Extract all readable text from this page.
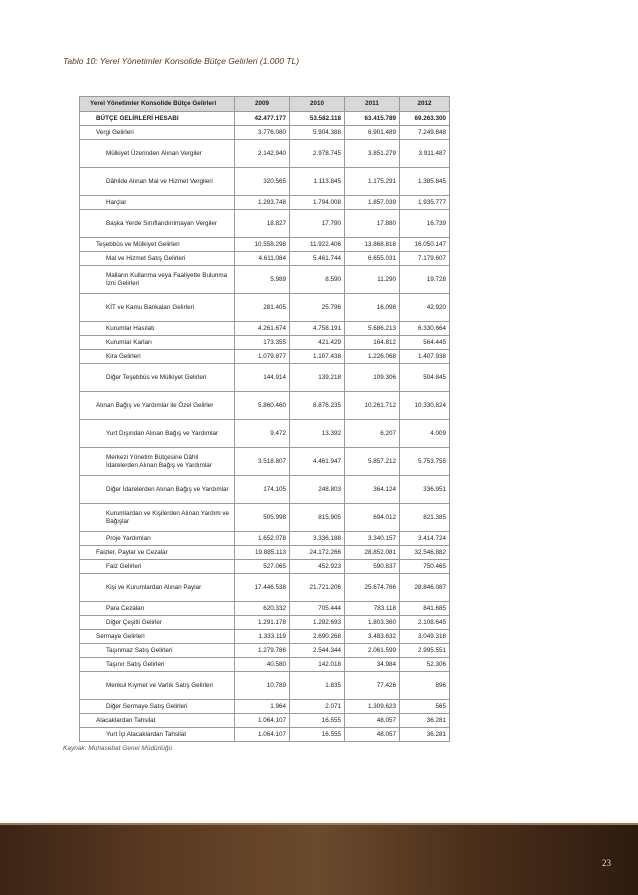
Tablo 10: Yerel Yönetimler Konsolide Bütçe Gelirleri (1.000 TL)
Yerel Yönetimler Konsolide Bütçe Gelirleri	2009	2010	2011	2012
BÜTÇE GELİRLERİ HESABI	42.477.177	53.582.118	63.415.789	69.263.300
Vergi Gelirleri	3.776.080	5.904.388	6.901.489	7.249.848
Mülkiyet Üzerinden Alınan Vergiler	2.142.940	2.978.745	3.851.279	3.911.487
Dâhilde Alınan Mal ve Hizmet Vergileri	320.565	1.113.845	1.175.291	1.385.845
Harçlar	1.293.748	1.794.008	1.857.039	1.935.777
Başka Yerde Sınıflandırılmayan Vergiler	18.827	17.790	17.880	16.739
Teşebbüs ve Mülkiyet Gelirleri	10.558.298	11.922.406	13.868.818	16.050.147
Mal ve Hizmet Satış Gelirleri	4.611.084	5.461.744	6.655.031	7.179.607
Malların Kullanma veya Faaliyette Bulunma İzni Gelirleri	5.989	8.590	11.290	19.728
KİT ve Kamu Bankaları Gelirleri	281.405	25.796	16.098	42.920
Kurumlar Hasılatı	4.261.674	4.758.191	5.686.213	6.330.664
Kurumlar Karları	173.355	421.429	164.812	564.445
Kira Gelirleri	1.079.877	1.107.438	1.226.068	1.407.938
Diğer Teşebbüs ve Mülkiyet Gelirleri	144.914	139.218	109.306	504.845
Alınan Bağış ve Yardımlar ile Özel Gelirler	5.860.460	8.876.235	10.261.712	10.330.824
Yurt Dışından Alınan Bağış ve Yardımlar	9.472	13.392	6.207	4.009
Merkezi Yönetim Bütçesine Dâhil İdarelerden Alınan Bağış ve Yardımlar	3.518.807	4.461.947	5.857.212	5.753.755
Diğer İdarelerden Alınan Bağış ve Yardımlar	174.105	248.803	364.124	336.951
Kurumlardan ve Kişilerden Alınan Yardım ve Bağışlar	505.998	815.905	694.012	821.385
Proje Yardımları	1.652.078	3.336.188	3.340.157	3.414.724
Faizler, Paylar ve Cezalar	19.885.113	24.172.266	28.852.081	32.546.882
Faiz Gelirleri	527.065	452.923	590.837	750.465
Kişi ve Kurumlardan Alınan Paylar	17.446.538	21.721.206	25.674.766	28.846.087
Para Cezaları	620.332	705.444	783.118	841.685
Diğer Çeşitli Gelirler	1.291.178	1.292.693	1.803.360	2.108.645
Sermaye Gelirleri	1.333.119	2.690.268	3.483.632	3.049.318
Taşınmaz Satış Gelirleri	1.279.786	2.544.344	2.061.599	2.995.551
Taşınır Satış Gelirleri	40.580	142.018	34.984	52.306
Menkul Kıymet ve Varlık Satış Gelirleri	10.789	1.835	77.426	896
Diğer Sermaye Satış Gelirleri	1.964	2.071	1.309.623	565
Alacaklardan Tahsilat	1.064.107	16.555	48.057	36.281
Yurt İçi Alacaklardan Tahsilat	1.064.107	16.555	48.057	36.281
Kaynak: Muhasebat Genel Müdürlüğü
23
